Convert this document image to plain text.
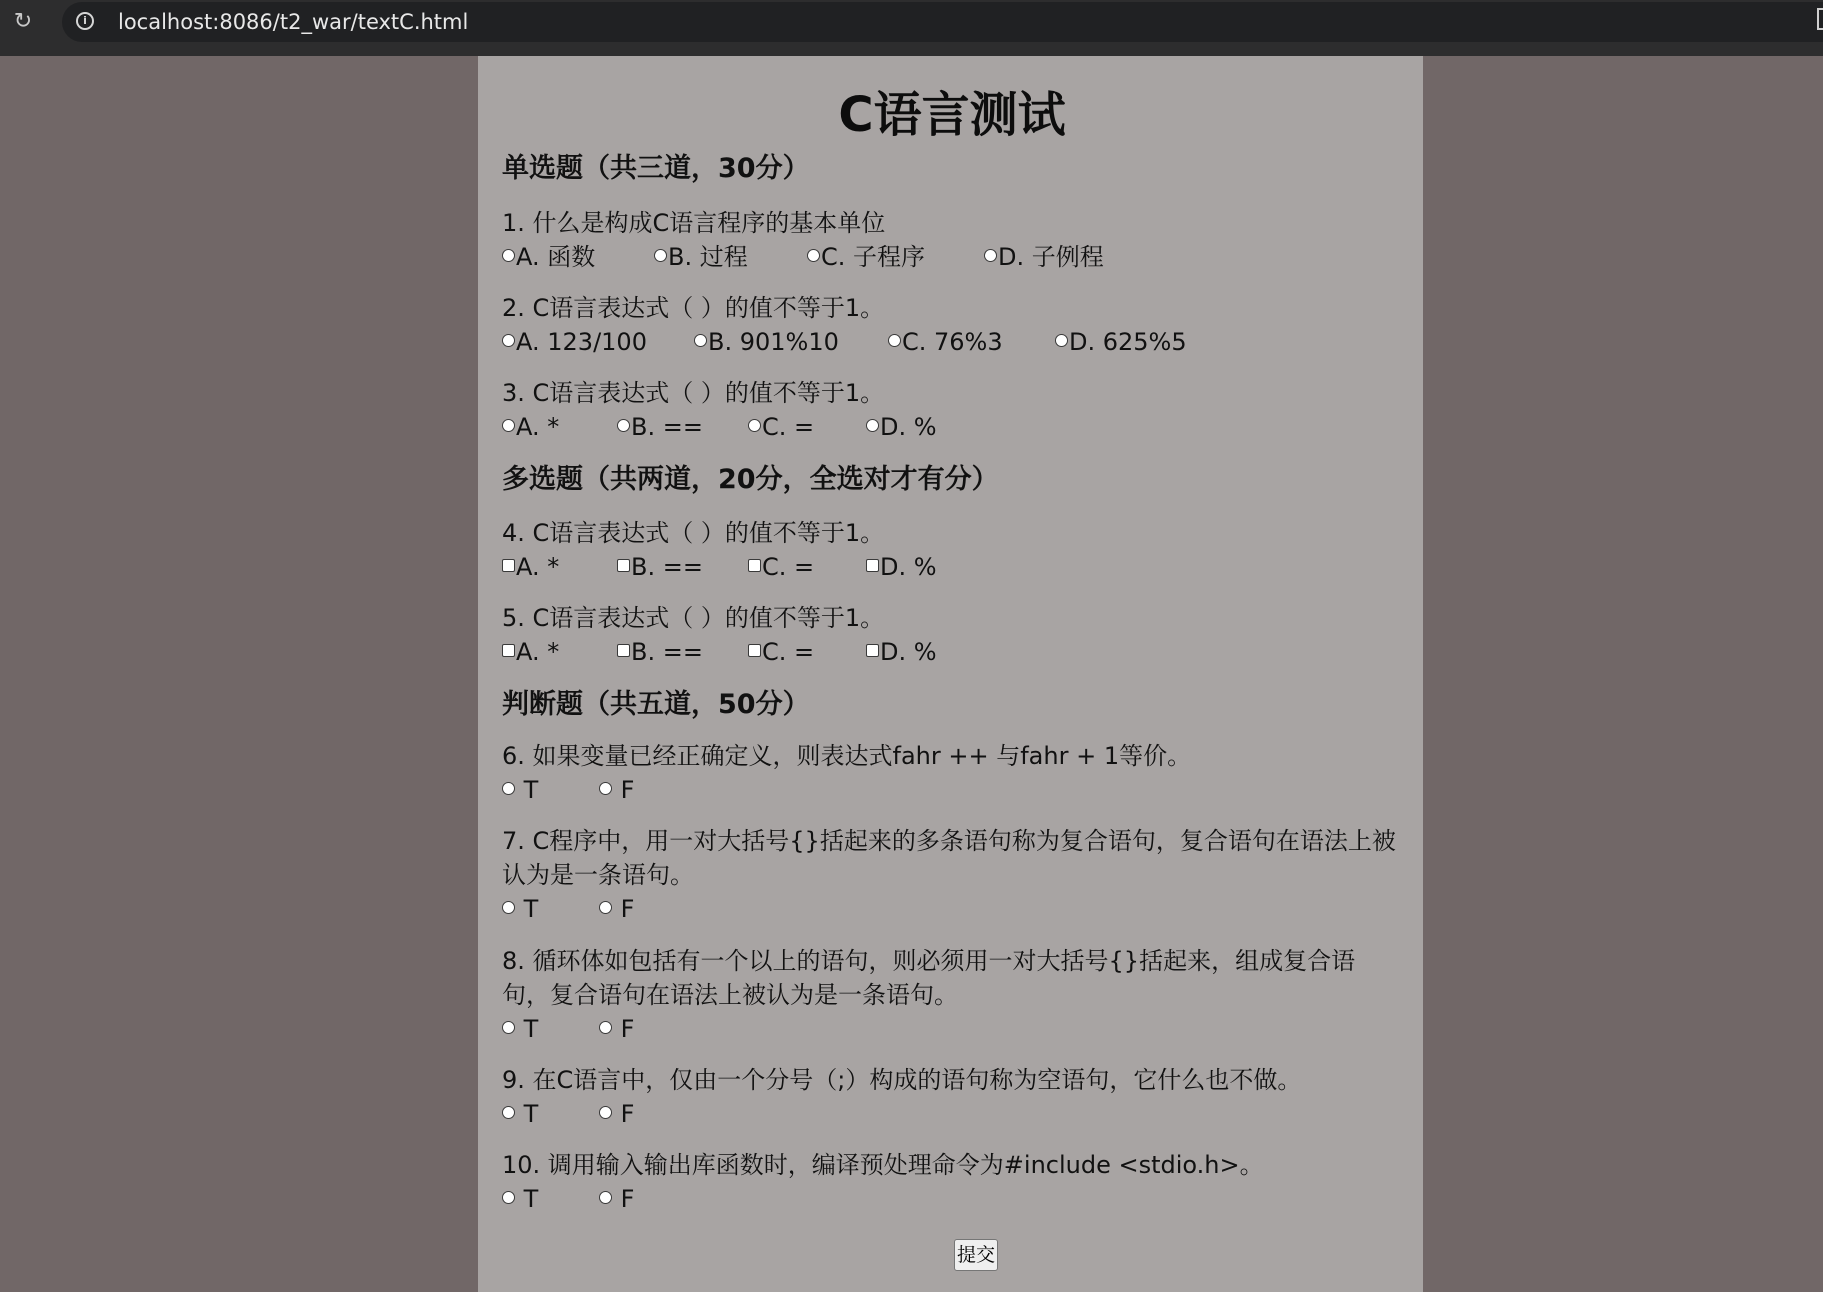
↻	i	localhost:8086/t2_war/textC.html
C语言测试
单选题（共三道，30分）
1. 什么是构成C语言程序的基本单位
A. 函数	B. 过程	C. 子程序	D. 子例程
2. C语言表达式（ ）的值不等于1。
A. 123/100	B. 901%10	C. 76%3	D. 625%5
3. C语言表达式（ ）的值不等于1。
A. *	B. ==	C. =	D. %
多选题（共两道，20分，全选对才有分）
4. C语言表达式（ ）的值不等于1。
A. *	B. ==	C. =	D. %
5. C语言表达式（ ）的值不等于1。
A. *	B. ==	C. =	D. %
判断题（共五道，50分）
6. 如果变量已经正确定义，则表达式fahr ++ 与fahr + 1等价。
T	F
7. C程序中，用一对大括号{}括起来的多条语句称为复合语句，复合语句在语法上被认为是一条语句。
T	F
8. 循环体如包括有一个以上的语句，则必须用一对大括号{}括起来，组成复合语句，复合语句在语法上被认为是一条语句。
T	F
9. 在C语言中，仅由一个分号（;）构成的语句称为空语句，它什么也不做。
T	F
10. 调用输入输出库函数时，编译预处理命令为#include <stdio.h>。
T	F
提交
